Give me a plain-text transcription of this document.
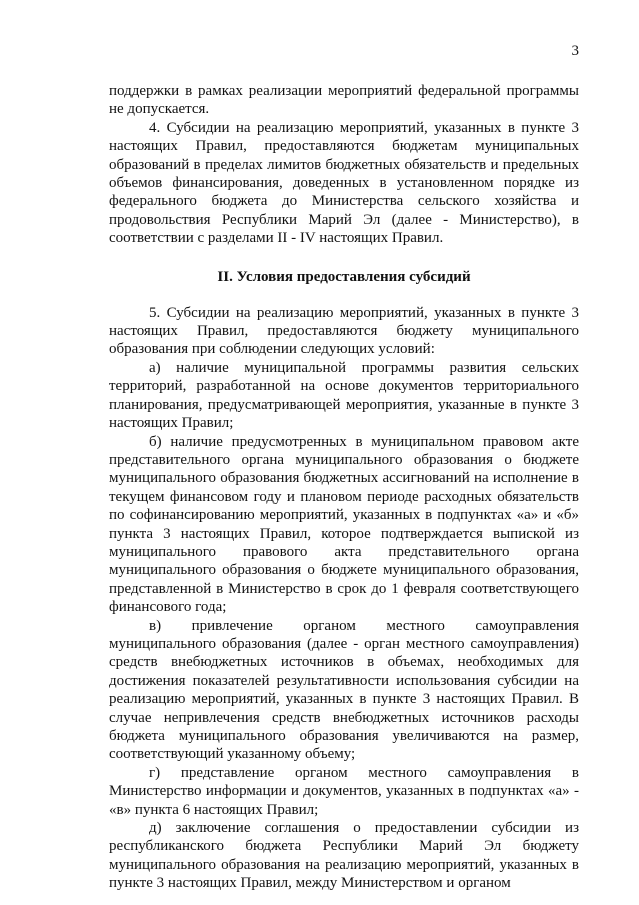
3

поддержки в рамках реализации мероприятий федеральной программы не допускается.

4. Субсидии на реализацию мероприятий, указанных в пункте 3 настоящих Правил, предоставляются бюджетам муниципальных образований в пределах лимитов бюджетных обязательств и предельных объемов финансирования, доведенных в установленном порядке из федерального бюджета до Министерства сельского хозяйства и продовольствия Республики Марий Эл (далее - Министерство), в соответствии с разделами II - IV настоящих Правил.

II. Условия предоставления субсидий

5. Субсидии на реализацию мероприятий, указанных в пункте 3 настоящих Правил, предоставляются бюджету муниципального образования при соблюдении следующих условий:

а) наличие муниципальной программы развития сельских территорий, разработанной на основе документов территориального планирования, предусматривающей мероприятия, указанные в пункте 3 настоящих Правил;

б) наличие предусмотренных в муниципальном правовом акте представительного органа муниципального образования о бюджете муниципального образования бюджетных ассигнований на исполнение в текущем финансовом году и плановом периоде расходных обязательств по софинансированию мероприятий, указанных в подпунктах «а» и «б» пункта 3 настоящих Правил, которое подтверждается выпиской из муниципального правового акта представительного органа муниципального образования о бюджете муниципального образования, представленной в Министерство в срок до 1 февраля соответствующего финансового года;

в) привлечение органом местного самоуправления муниципального образования (далее - орган местного самоуправления) средств внебюджетных источников в объемах, необходимых для достижения показателей результативности использования субсидии на реализацию мероприятий, указанных в пункте 3 настоящих Правил. В случае непривлечения средств внебюджетных источников расходы бюджета муниципального образования увеличиваются на размер, соответствующий указанному объему;

г) представление органом местного самоуправления в Министерство информации и документов, указанных в подпунктах «а» - «в» пункта 6 настоящих Правил;

д) заключение соглашения о предоставлении субсидии из республиканского бюджета Республики Марий Эл бюджету муниципального образования на реализацию мероприятий, указанных в пункте 3 настоящих Правил, между Министерством и органом
